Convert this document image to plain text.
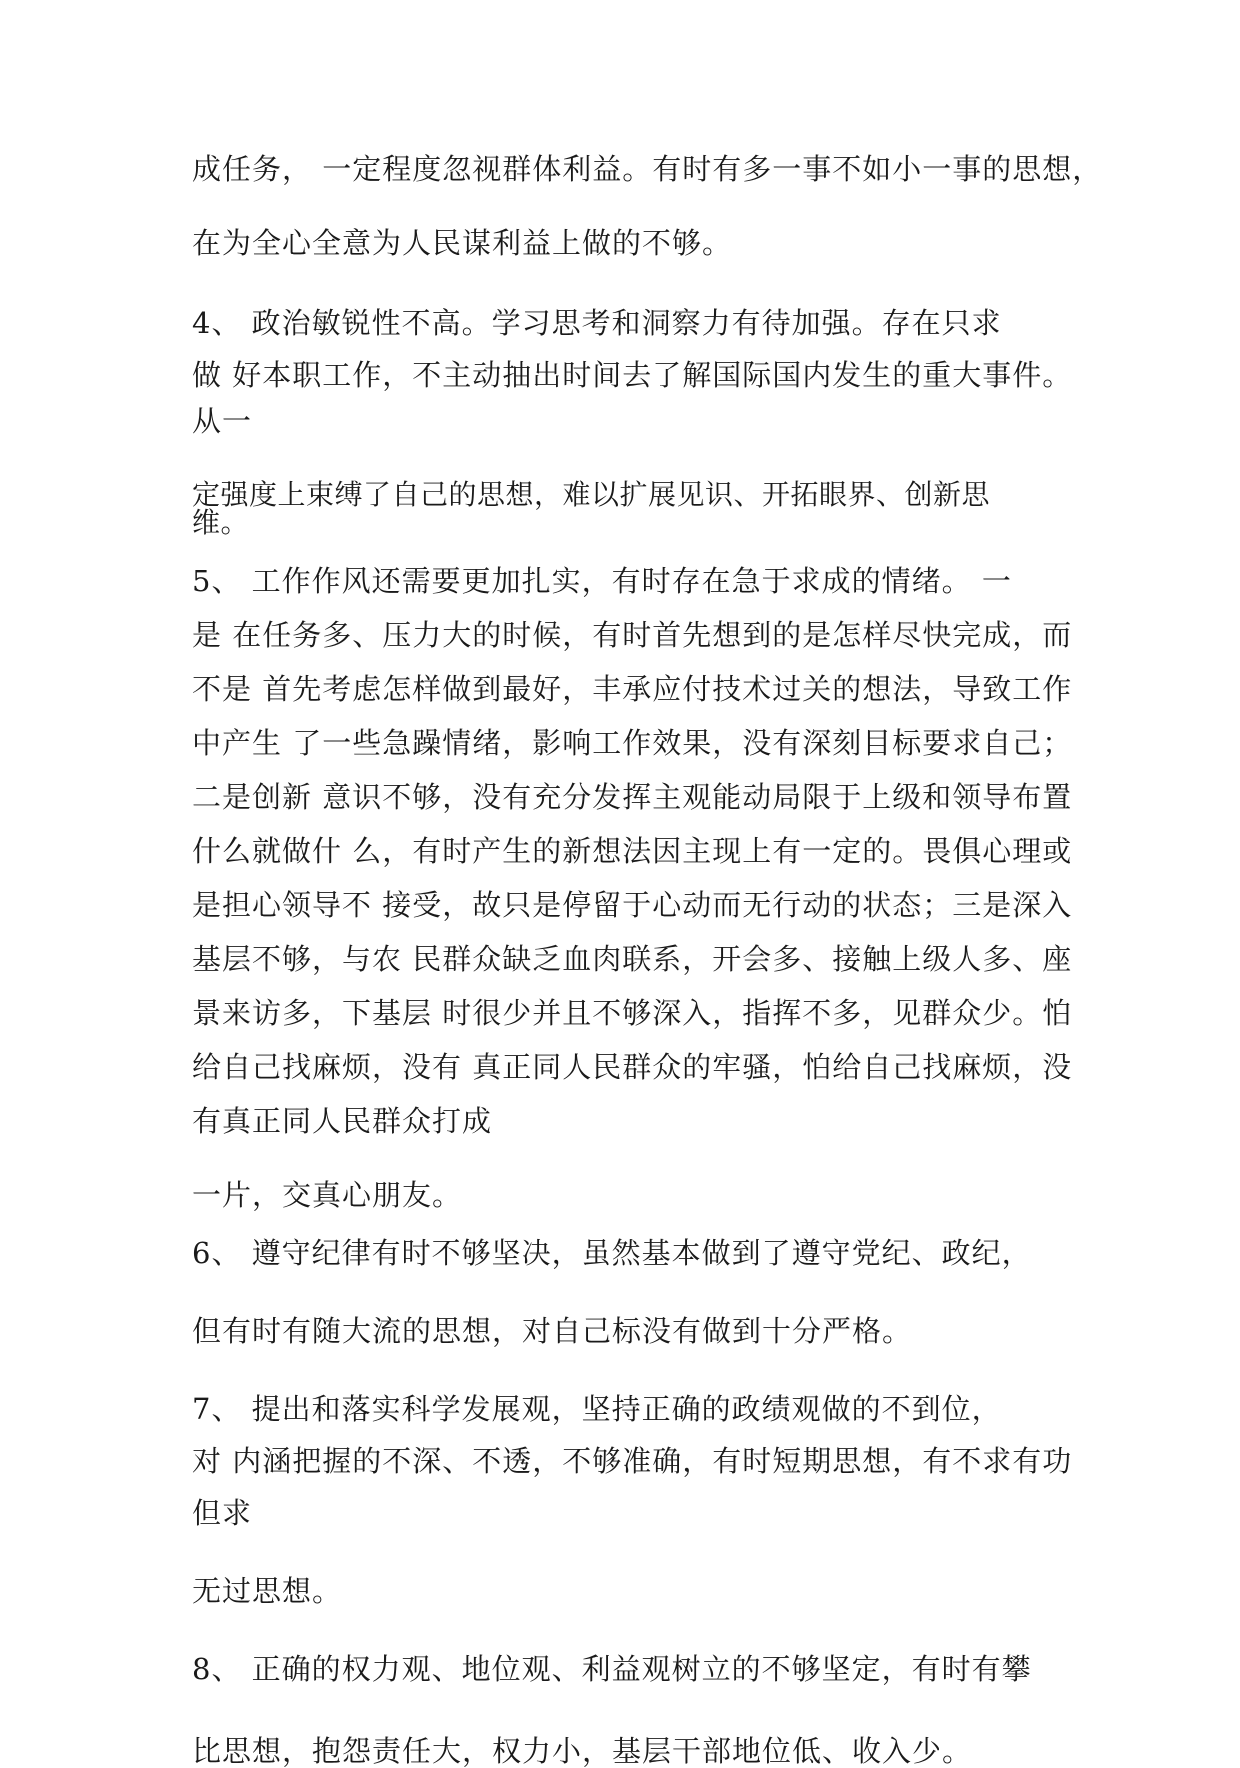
成任务， 一定程度忽视群体利益。有时有多一事不如小一事的思想，
在为全心全意为人民谋利益上做的不够。
4、 政治敏锐性不高。学习思考和洞察力有待加强。存在只求
做 好本职工作，不主动抽出时间去了解国际国内发生的重大事件。
从一
定强度上束缚了自己的思想，难以扩展见识、开拓眼界、创新思
维。
5、 工作作风还需要更加扎实，有时存在急于求成的情绪。 一
是 在任务多、压力大的时候，有时首先想到的是怎样尽快完成，而
不是 首先考虑怎样做到最好，丰承应付技术过关的想法，导致工作
中产生 了一些急躁情绪，影响工作效果，没有深刻目标要求自己；
二是创新 意识不够，没有充分发挥主观能动局限于上级和领导布置
什么就做什 么，有时产生的新想法因主现上有一定的。畏俱心理或
是担心领导不 接受，故只是停留于心动而无行动的状态；三是深入
基层不够，与农 民群众缺乏血肉联系，开会多、接触上级人多、座
景来访多，下基层 时很少并且不够深入，指挥不多，见群众少。怕
给自己找麻烦，没有 真正同人民群众的牢骚，怕给自己找麻烦，没
有真正同人民群众打成
一片，交真心朋友。
6、 遵守纪律有时不够坚决，虽然基本做到了遵守党纪、政纪，
但有时有随大流的思想，对自己标没有做到十分严格。
7、 提出和落实科学发展观，坚持正确的政绩观做的不到位，
对 内涵把握的不深、不透，不够准确，有时短期思想，有不求有功
但求
无过思想。
8、 正确的权力观、地位观、利益观树立的不够坚定，有时有攀
比思想，抱怨责任大，权力小，基层干部地位低、收入少。
